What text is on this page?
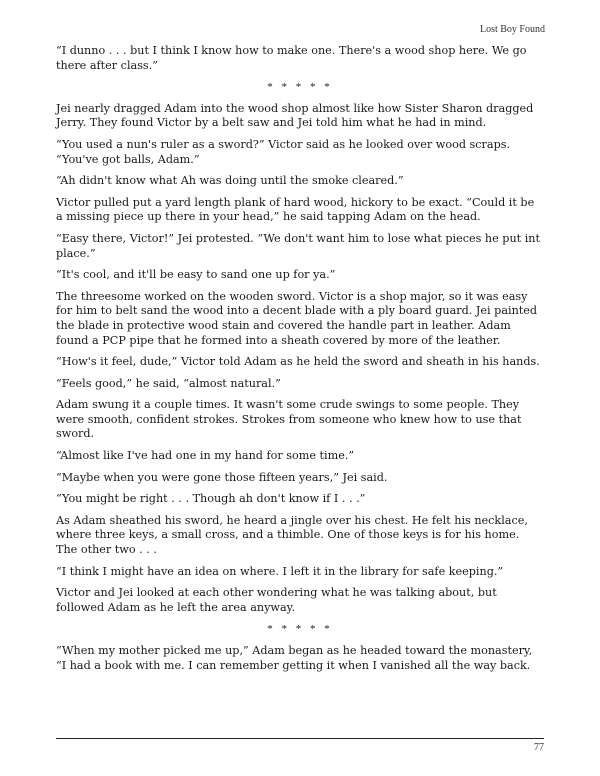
Lost Boy Found

“I dunno . . . but I think I know how to make one. There's a wood shop here. We go there after class.”

* * * * *

Jei nearly dragged Adam into the wood shop almost like how Sister Sharon dragged Jerry. They found Victor by a belt saw and Jei told him what he had in mind.

“You used a nun's ruler as a sword?” Victor said as he looked over wood scraps. “You've got balls, Adam.”

“Ah didn't know what Ah was doing until the smoke cleared.”

Victor pulled put a yard length plank of hard wood, hickory to be exact. “Could it be a missing piece up there in your head,” he said tapping Adam on the head.

“Easy there, Victor!” Jei protested. “We don't want him to lose what pieces he put int place.”

“It's cool, and it'll be easy to sand one up for ya.”

The threesome worked on the wooden sword. Victor is a shop major, so it was easy for him to belt sand the wood into a decent blade with a ply board guard. Jei painted the blade in protective wood stain and covered the handle part in leather. Adam found a PCP pipe that he formed into a sheath covered by more of the leather.

“How's it feel, dude,” Victor told Adam as he held the sword and sheath in his hands.

“Feels good,” he said, “almost natural.”

Adam swung it a couple times. It wasn't some crude swings to some people. They were smooth, confident strokes. Strokes from someone who knew how to use that sword.

“Almost like I've had one in my hand for some time.”

“Maybe when you were gone those fifteen years,” Jei said.

“You might be right . . . Though ah don't know if I . . .”

As Adam sheathed his sword, he heard a jingle over his chest. He felt his necklace, where three keys, a small cross, and a thimble. One of those keys is for his home. The other two . . .

“I think I might have an idea on where. I left it in the library for safe keeping.”

Victor and Jei looked at each other wondering what he was talking about, but followed Adam as he left the area anyway.

* * * * *

“When my mother picked me up,” Adam began as he headed toward the monastery, “I had a book with me. I can remember getting it when I vanished all the way back.

77
